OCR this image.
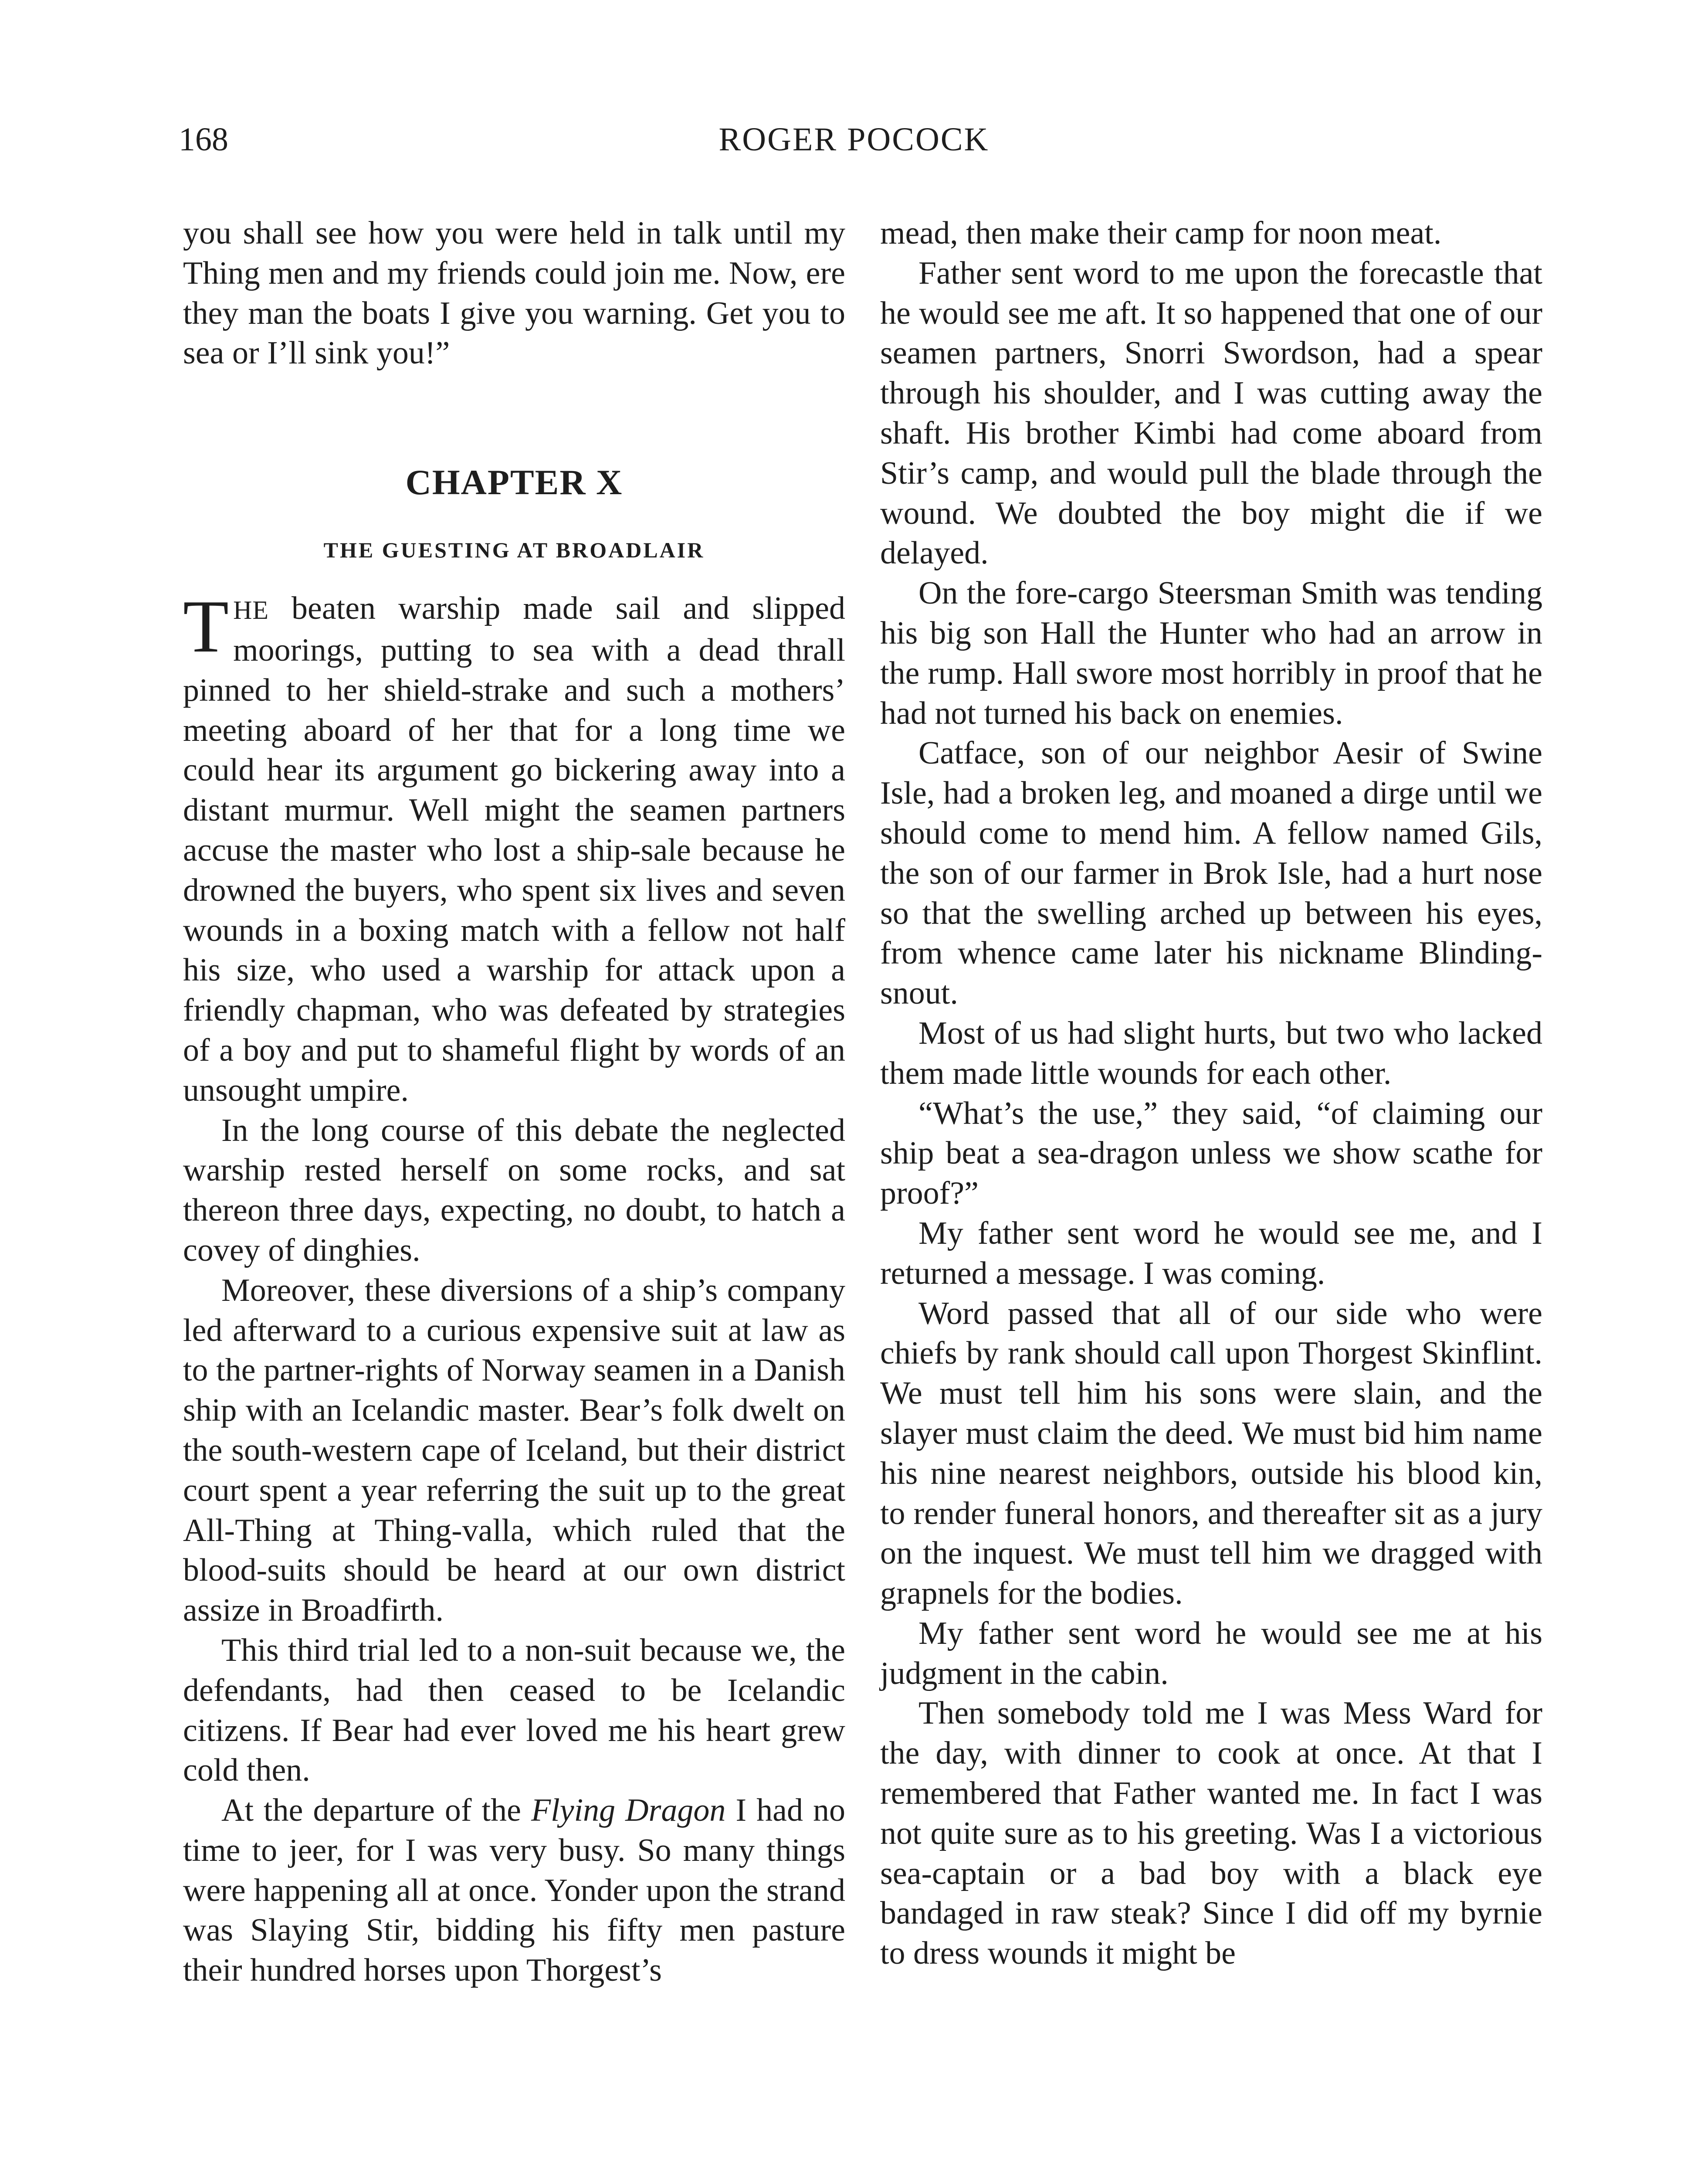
168	ROGER POCOCK

you shall see how you were held in talk until my Thing men and my friends could join me. Now, ere they man the boats I give you warning. Get you to sea or I’ll sink you!”

CHAPTER X
THE GUESTING AT BROADLAIR

THE beaten warship made sail and slipped moorings, putting to sea with a dead thrall pinned to her shield-strake and such a mothers’ meeting aboard of her that for a long time we could hear its argument go bickering away into a distant murmur. Well might the seamen partners accuse the master who lost a ship-sale because he drowned the buyers, who spent six lives and seven wounds in a boxing match with a fellow not half his size, who used a warship for attack upon a friendly chapman, who was defeated by strategies of a boy and put to shameful flight by words of an unsought umpire.

In the long course of this debate the neglected warship rested herself on some rocks, and sat thereon three days, expecting, no doubt, to hatch a covey of dinghies.

Moreover, these diversions of a ship’s company led afterward to a curious expensive suit at law as to the partner-rights of Norway seamen in a Danish ship with an Icelandic master. Bear’s folk dwelt on the south-western cape of Iceland, but their district court spent a year referring the suit up to the great All-Thing at Thing-valla, which ruled that the blood-suits should be heard at our own district assize in Broadfirth.

This third trial led to a non-suit because we, the defendants, had then ceased to be Icelandic citizens. If Bear had ever loved me his heart grew cold then.

At the departure of the Flying Dragon I had no time to jeer, for I was very busy. So many things were happening all at once. Yonder upon the strand was Slaying Stir, bidding his fifty men pasture their hundred horses upon Thorgest’s

mead, then make their camp for noon meat.

Father sent word to me upon the forecastle that he would see me aft. It so happened that one of our seamen partners, Snorri Swordson, had a spear through his shoulder, and I was cutting away the shaft. His brother Kimbi had come aboard from Stir’s camp, and would pull the blade through the wound. We doubted the boy might die if we delayed.

On the fore-cargo Steersman Smith was tending his big son Hall the Hunter who had an arrow in the rump. Hall swore most horribly in proof that he had not turned his back on enemies.

Catface, son of our neighbor Aesir of Swine Isle, had a broken leg, and moaned a dirge until we should come to mend him. A fellow named Gils, the son of our farmer in Brok Isle, had a hurt nose so that the swelling arched up between his eyes, from whence came later his nickname Blinding-snout.

Most of us had slight hurts, but two who lacked them made little wounds for each other.

“What’s the use,” they said, “of claiming our ship beat a sea-dragon unless we show scathe for proof?”

My father sent word he would see me, and I returned a message. I was coming.

Word passed that all of our side who were chiefs by rank should call upon Thorgest Skinflint. We must tell him his sons were slain, and the slayer must claim the deed. We must bid him name his nine nearest neighbors, outside his blood kin, to render funeral honors, and thereafter sit as a jury on the inquest. We must tell him we dragged with grapnels for the bodies.

My father sent word he would see me at his judgment in the cabin.

Then somebody told me I was Mess Ward for the day, with dinner to cook at once. At that I remembered that Father wanted me. In fact I was not quite sure as to his greeting. Was I a victorious sea-captain or a bad boy with a black eye bandaged in raw steak? Since I did off my byrnie to dress wounds it might be
